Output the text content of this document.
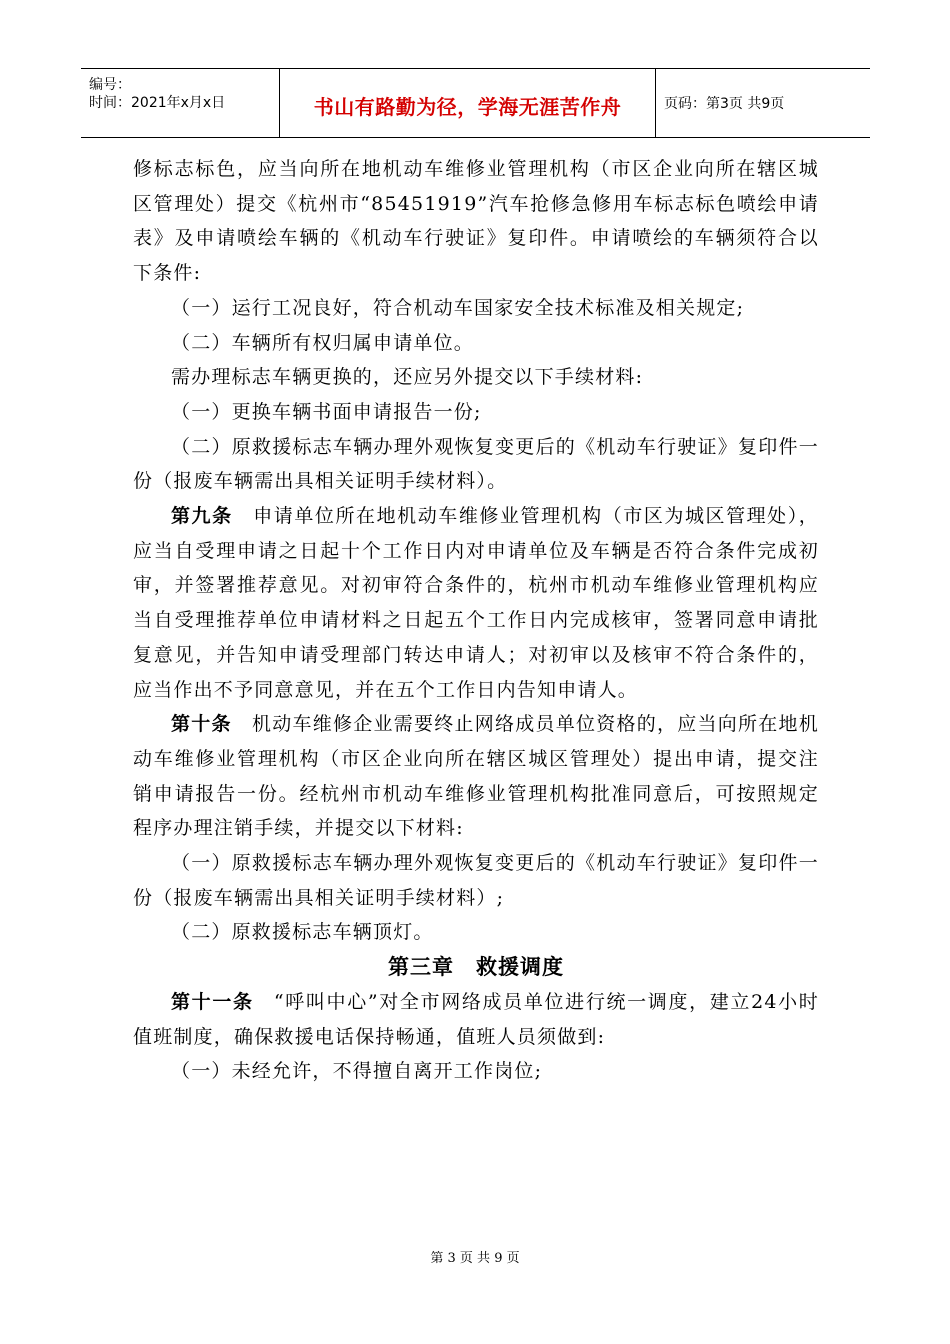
编号：
时间：2021年x月x日	书山有路勤为径，学海无涯苦作舟	页码：第3页 共9页

修标志标色，应当向所在地机动车维修业管理机构（市区企业向所在辖区城区管理处）提交《杭州市“85451919”汽车抢修急修用车标志标色喷绘申请表》及申请喷绘车辆的《机动车行驶证》复印件。申请喷绘的车辆须符合以下条件:

（一）运行工况良好，符合机动车国家安全技术标准及相关规定;

（二）车辆所有权归属申请单位。

需办理标志车辆更换的，还应另外提交以下手续材料:

（一）更换车辆书面申请报告一份;

（二）原救援标志车辆办理外观恢复变更后的《机动车行驶证》复印件一份（报废车辆需出具相关证明手续材料）。

第九条  申请单位所在地机动车维修业管理机构（市区为城区管理处），应当自受理申请之日起十个工作日内对申请单位及车辆是否符合条件完成初审，并签署推荐意见。对初审符合条件的，杭州市机动车维修业管理机构应当自受理推荐单位申请材料之日起五个工作日内完成核审，签署同意申请批复意见，并告知申请受理部门转达申请人；对初审以及核审不符合条件的，应当作出不予同意意见，并在五个工作日内告知申请人。

第十条  机动车维修企业需要终止网络成员单位资格的，应当向所在地机动车维修业管理机构（市区企业向所在辖区城区管理处）提出申请，提交注销申请报告一份。经杭州市机动车维修业管理机构批准同意后，可按照规定程序办理注销手续，并提交以下材料:

（一）原救援标志车辆办理外观恢复变更后的《机动车行驶证》复印件一份（报废车辆需出具相关证明手续材料）;

（二）原救援标志车辆顶灯。

第三章　救援调度

第十一条  “呼叫中心”对全市网络成员单位进行统一调度，建立24小时值班制度，确保救援电话保持畅通，值班人员须做到:

（一）未经允许，不得擅自离开工作岗位;

第 3 页 共 9 页
